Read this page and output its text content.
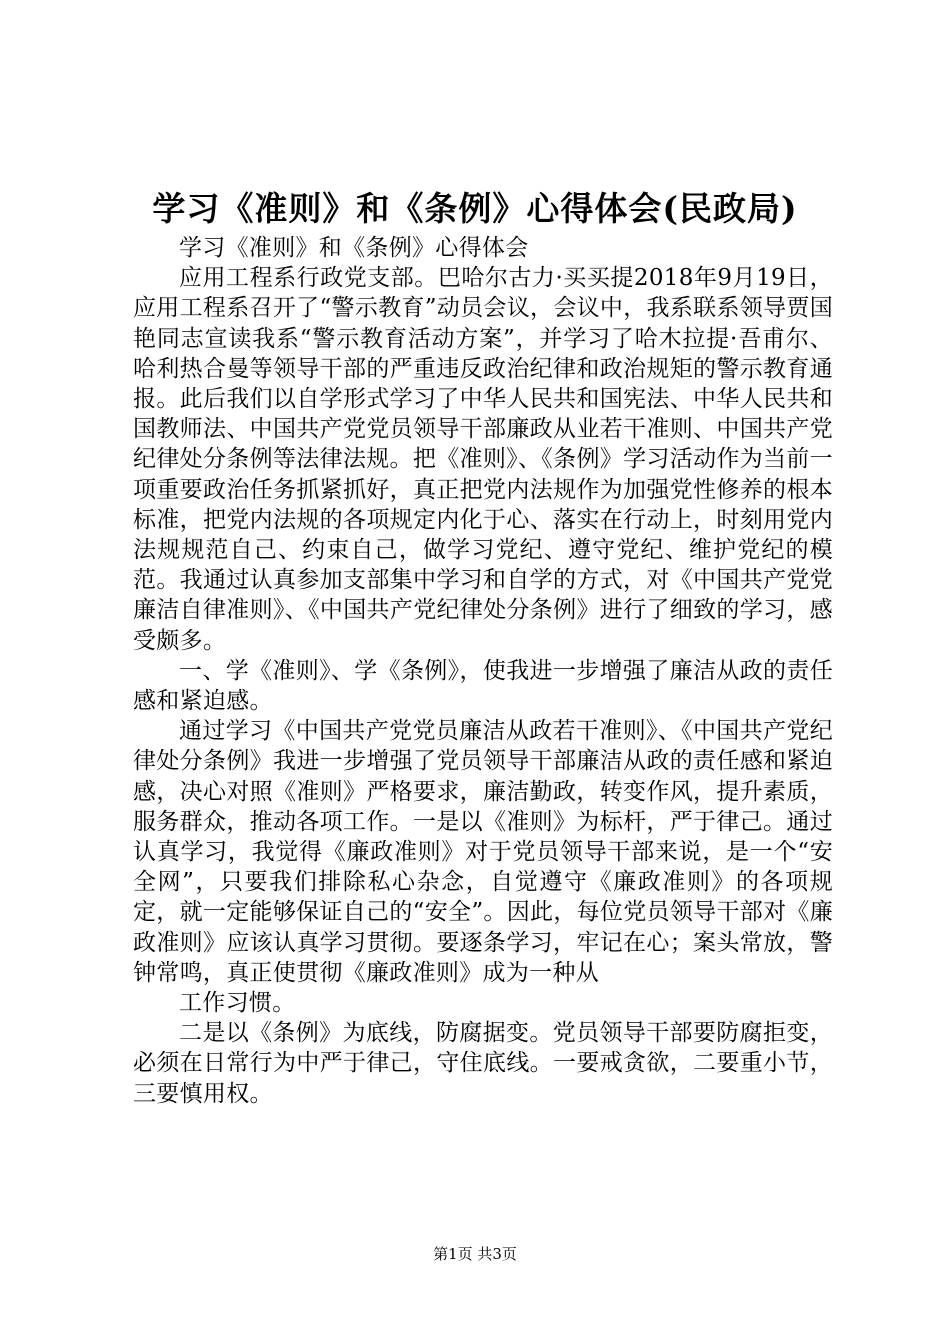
学习《准则》和《条例》心得体会(民政局)

学习《准则》和《条例》心得体会

应用工程系行政党支部。巴哈尔古力·买买提2018年9月19日，应用工程系召开了“警示教育”动员会议，会议中，我系联系领导贾国艳同志宣读我系“警示教育活动方案”，并学习了哈木拉提·吾甫尔、哈利热合曼等领导干部的严重违反政治纪律和政治规矩的警示教育通报。此后我们以自学形式学习了中华人民共和国宪法、中华人民共和国教师法、中国共产党党员领导干部廉政从业若干准则、中国共产党纪律处分条例等法律法规。把《准则》、《条例》学习活动作为当前一项重要政治任务抓紧抓好，真正把党内法规作为加强党性修养的根本标准，把党内法规的各项规定内化于心、落实在行动上，时刻用党内法规规范自己、约束自己，做学习党纪、遵守党纪、维护党纪的模范。我通过认真参加支部集中学习和自学的方式，对《中国共产党党廉洁自律准则》、《中国共产党纪律处分条例》进行了细致的学习，感受颇多。

一、学《准则》、学《条例》，使我进一步增强了廉洁从政的责任感和紧迫感。

通过学习《中国共产党党员廉洁从政若干准则》、《中国共产党纪律处分条例》我进一步增强了党员领导干部廉洁从政的责任感和紧迫感，决心对照《准则》严格要求，廉洁勤政，转变作风，提升素质，服务群众，推动各项工作。一是以《准则》为标杆，严于律己。通过认真学习，我觉得《廉政准则》对于党员领导干部来说，是一个“安全网”，只要我们排除私心杂念，自觉遵守《廉政准则》的各项规定，就一定能够保证自己的“安全”。因此，每位党员领导干部对《廉政准则》应该认真学习贯彻。要逐条学习，牢记在心；案头常放，警钟常鸣，真正使贯彻《廉政准则》成为一种从

工作习惯。

二是以《条例》为底线，防腐据变。党员领导干部要防腐拒变，必须在日常行为中严于律己，守住底线。一要戒贪欲，二要重小节，三要慎用权。

第1页 共3页
